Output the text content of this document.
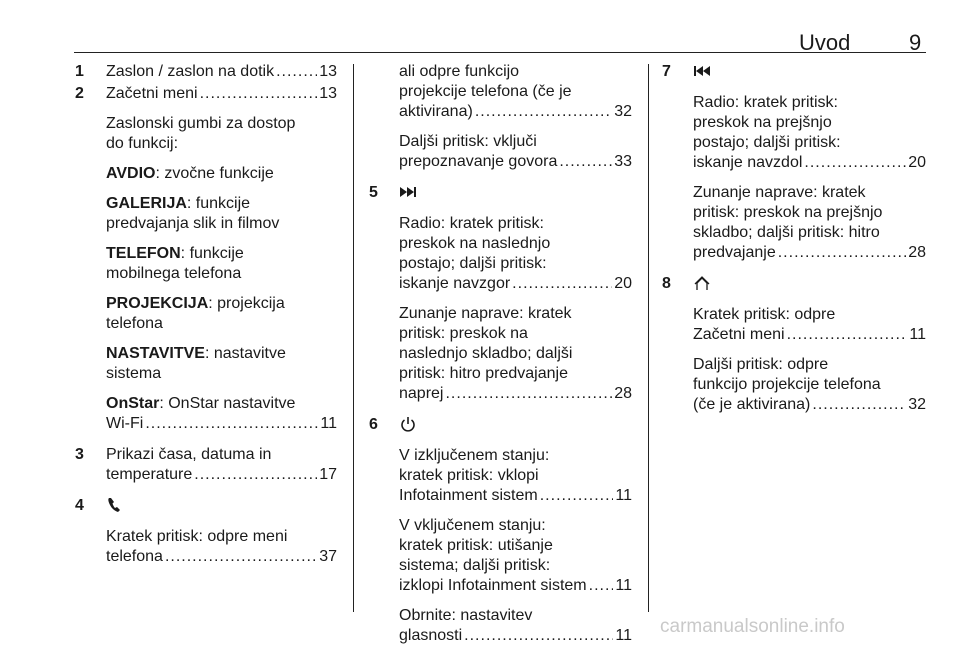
Uvod	9
1 Zaslon / zaslon na dotik .....	13
2 Začetni meni .....	13
Zaslonski gumbi za dostop
do funkcij:
AVDIO: zvočne funkcije
GALERIJA: funkcije
predvajanja slik in filmov
TELEFON: funkcije
mobilnega telefona
PROJEKCIJA: projekcija
telefona
NASTAVITVE: nastavitve
sistema
OnStar: OnStar nastavitve
Wi-Fi .....	11
3 Prikazi časa, datuma in
temperature .....	17
4
Kratek pritisk: odpre meni
telefona .....	37
ali odpre funkcijo
projekcije telefona (če je
aktivirana) .....	32
Daljši pritisk: vključi
prepoznavanje govora .....	33
5
Radio: kratek pritisk:
preskok na naslednjo
postajo; daljši pritisk:
iskanje navzgor .....	20
Zunanje naprave: kratek
pritisk: preskok na
naslednjo skladbo; daljši
pritisk: hitro predvajanje
naprej .....	28
6
V izključenem stanju:
kratek pritisk: vklopi
Infotainment sistem .....	11
V vključenem stanju:
kratek pritisk: utišanje
sistema; daljši pritisk:
izklopi Infotainment sistem ..... 11
Obrnite: nastavitev
glasnosti .....	11
7
Radio: kratek pritisk:
preskok na prejšnjo
postajo; daljši pritisk:
iskanje navzdol .....	20
Zunanje naprave: kratek
pritisk: preskok na prejšnjo
skladbo; daljši pritisk: hitro
predvajanje .....	28
8
Kratek pritisk: odpre
Začetni meni .....	11
Daljši pritisk: odpre
funkcijo projekcije telefona
(če je aktivirana) .....	32
carmanualsonline.info
